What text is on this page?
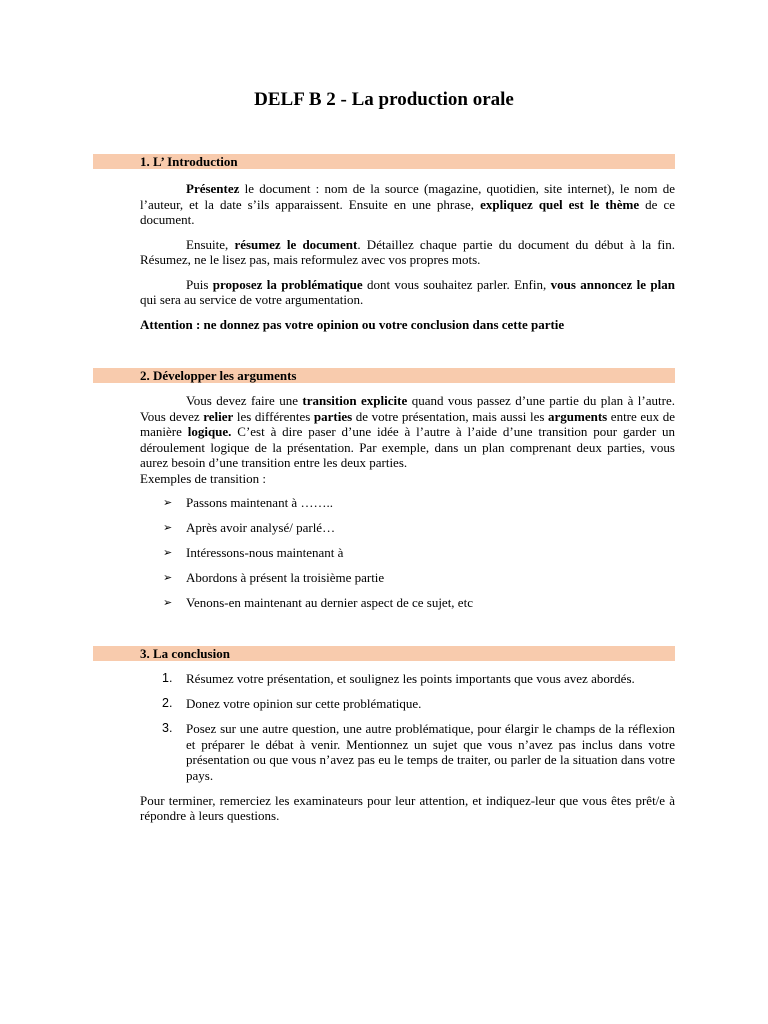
DELF B 2 - La production orale
1. L’ Introduction

Présentez le document : nom de la source (magazine, quotidien, site internet), le nom de l’auteur, et la date s’ils apparaissent. Ensuite en une phrase, expliquez quel est le thème de ce document.

Ensuite, résumez le document. Détaillez chaque partie du document du début à la fin. Résumez, ne le lisez pas, mais reformulez avec vos propres mots.

Puis proposez la problématique dont vous souhaitez parler. Enfin, vous annoncez le plan qui sera au service de votre argumentation.

Attention : ne donnez pas votre opinion ou votre conclusion dans cette partie

2. Développer les arguments

Vous devez faire une transition explicite quand vous passez d’une partie du plan à l’autre. Vous devez relier les différentes parties de votre présentation, mais aussi les arguments entre eux de manière logique. C’est à dire paser d’une idée à l’autre à l’aide d’une transition pour garder un déroulement logique de la présentation. Par exemple, dans un plan comprenant deux parties, vous aurez besoin d’une transition entre les deux parties.

Exemples de transition :

➢ Passons maintenant à ……..
➢ Après avoir analysé/ parlé…
➢ Intéressons-nous maintenant à
➢ Abordons à présent la troisième partie
➢ Venons-en maintenant au dernier aspect de ce sujet, etc
3. La conclusion
1. Résumez votre présentation, et soulignez les points importants que vous avez abordés.
2. Donez votre opinion sur cette problématique.
3. Posez sur une autre question, une autre problématique, pour élargir le champs de la réflexion et préparer le débat à venir. Mentionnez un sujet que vous n’avez pas inclus dans votre présentation ou que vous n’avez pas eu le temps de traiter, ou parler de la situation dans votre pays.

Pour terminer, remerciez les examinateurs pour leur attention, et indiquez-leur que vous êtes prêt/e à répondre à leurs questions.
